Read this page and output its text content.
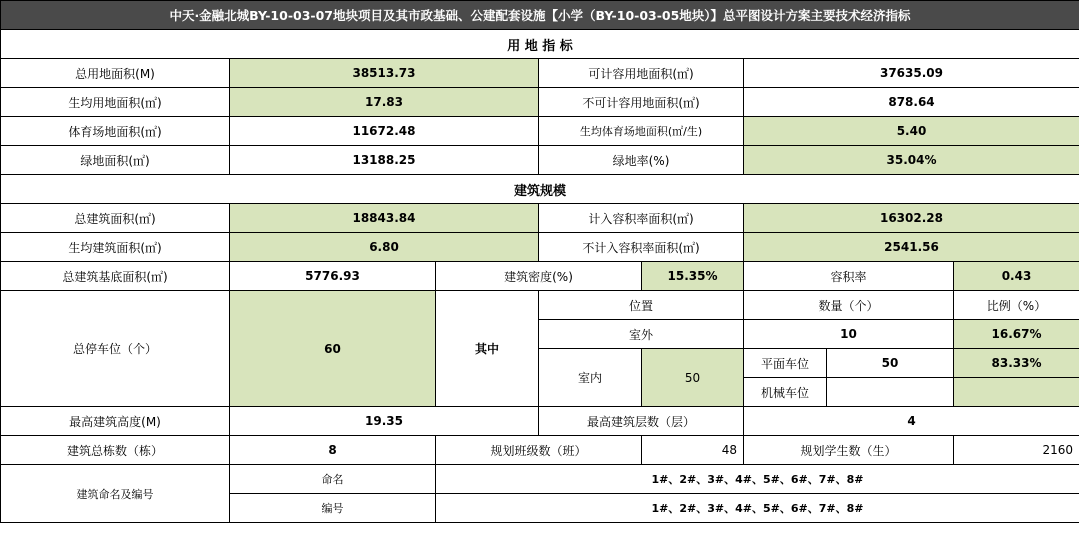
中天·金融北城BY-10-03-07地块项目及其市政基础、公建配套设施【小学（BY-10-03-05地块）】总平图设计方案主要技术经济指标							
用 地 指 标							
总用地面积(M)	38513.73		可计容用地面积(㎡)		37635.09		
生均用地面积(㎡)	17.83		不可计容用地面积(㎡)		878.64		
体育场地面积(㎡)	11672.48		生均体育场地面积(㎡/生)		5.40		
绿地面积(㎡)	13188.25		绿地率(%)		35.04%		
建筑规模							
总建筑面积(㎡)	18843.84		计入容积率面积(㎡)		16302.28		
生均建筑面积(㎡)	6.80		不计入容积率面积(㎡)		2541.56		
总建筑基底面积(㎡)	5776.93	建筑密度(%)		15.35%	容积率		0.43
总停车位（个）	60	其中	位置		数量（个）		比例（%）
			室外		10		16.67%
			室内	50	平面车位	50	83.33%
					机械车位		
最高建筑高度(M)	19.35		最高建筑层数（层）		4		
建筑总栋数（栋）	8	规划班级数（班）		48	规划学生数（生）		2160
建筑命名及编号	命名	1#、2#、3#、4#、5#、6#、7#、8#					
	编号	1#、2#、3#、4#、5#、6#、7#、8#					
